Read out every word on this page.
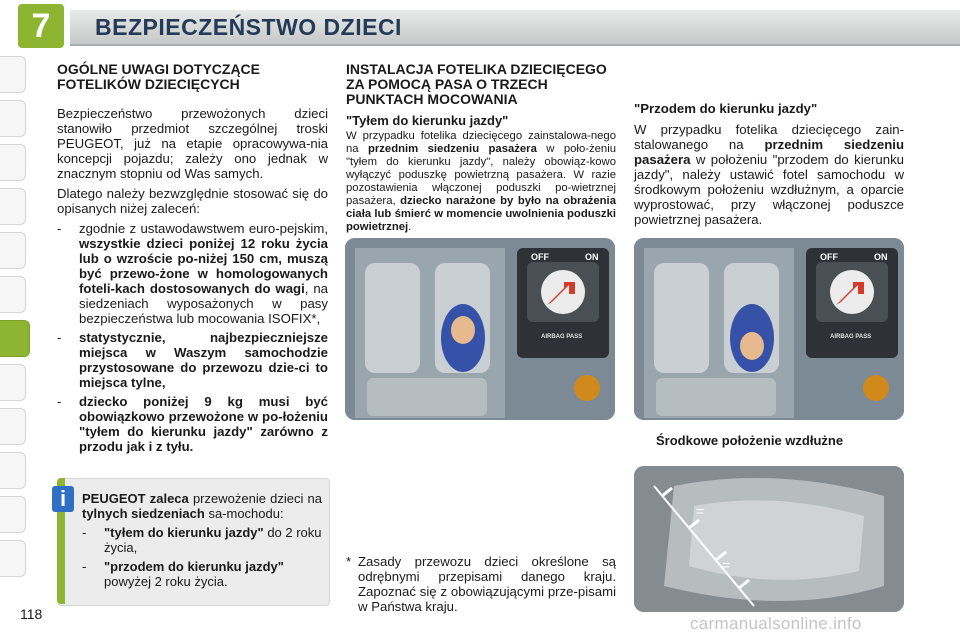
7 BEZPIECZEŃSTWO DZIECI
OGÓLNE UWAGI DOTYCZĄCE FOTELIKÓW DZIECIĘCYCH

Bezpieczeństwo przewożonych dzieci stanowiło przedmiot szczególnej troski PEUGEOT, już na etapie opracowywa-nia koncepcji pojazdu; zależy ono jednak w znacznym stopniu od Was samych.

Dlatego należy bezwzględnie stosować się do opisanych niżej zaleceń:

-	zgodnie z ustawodawstwem euro-pejskim, wszystkie dzieci poniżej 12 roku życia lub o wzroście po-niżej 150 cm, muszą być przewo-żone w homologowanych foteli-kach dostosowanych do wagi, na siedzeniach wyposażonych w pasy bezpieczeństwa lub mocowania ISOFIX*,
-	statystycznie, najbezpieczniejsze miejsca w Waszym samochodzie przystosowane do przewozu dzie-ci to miejsca tylne,
-	dziecko poniżej 9 kg musi być obowiązkowo przewożone w po-łożeniu "tyłem do kierunku jazdy" zarówno z przodu jak i z tyłu.
i	PEUGEOT zaleca przewożenie dzieci na tylnych siedzeniach sa-mochodu:
-	"tyłem do kierunku jazdy" do 2 roku życia,
-	"przodem do kierunku jazdy" powyżej 2 roku życia.
INSTALACJA FOTELIKA DZIECIĘCEGO ZA POMOCĄ PASA O TRZECH PUNKTACH MOCOWANIA
"Tyłem do kierunku jazdy"

W przypadku fotelika dziecięcego zainstalowa-nego na przednim siedzeniu pasażera w poło-żeniu "tyłem do kierunku jazdy", należy obowiąz-kowo wyłączyć poduszkę powietrzną pasażera. W razie pozostawienia włączonej poduszki po-wietrznej pasażera, dziecko narażone by było na obrażenia ciała lub śmierć w momencie uwolnienia poduszki powietrznej.

"Przodem do kierunku jazdy"

W przypadku fotelika dziecięcego zain-stalowanego na przednim siedzeniu pasażera w położeniu "przodem do kierunku jazdy", należy ustawić fotel samochodu w środkowym położeniu wzdłużnym, a oparcie wyprostować, przy włączonej poduszce powietrznej pasażera.

OFF	ON
AIRBAG PASS
OFF	ON
AIRBAG PASS
Środkowe położenie wzdłużne
=
=
* Zasady przewozu dzieci określone są odrębnymi przepisami danego kraju. Zapoznać się z obowiązującymi prze-pisami w Państwa kraju.
118	carmanualsonline.info
